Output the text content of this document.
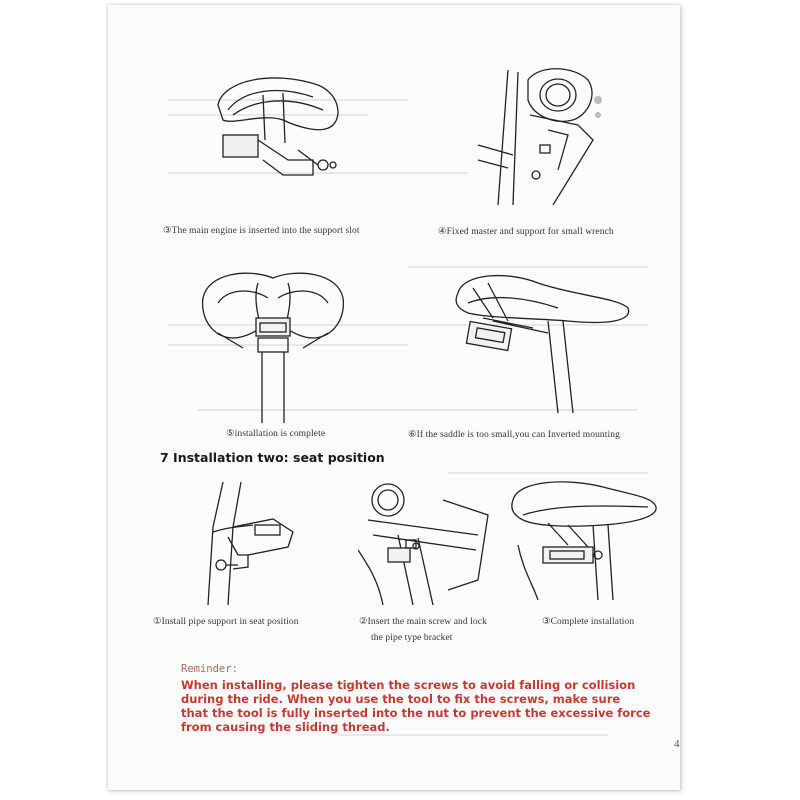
③The main engine is inserted into the support slot	④Fixed master and support for small wrench
⑤installation is complete	⑥If the saddle is too small,you can Inverted mounting
7 Installation two: seat position
①Install pipe support in seat position	②Insert the main screw and lock
the pipe type bracket
③Complete installation
Reminder:
When installing, please tighten the screws to avoid falling or collision during the ride. When you use the tool to fix the screws, make sure that the tool is fully inserted into the nut to prevent the excessive force from causing the sliding thread.
4
